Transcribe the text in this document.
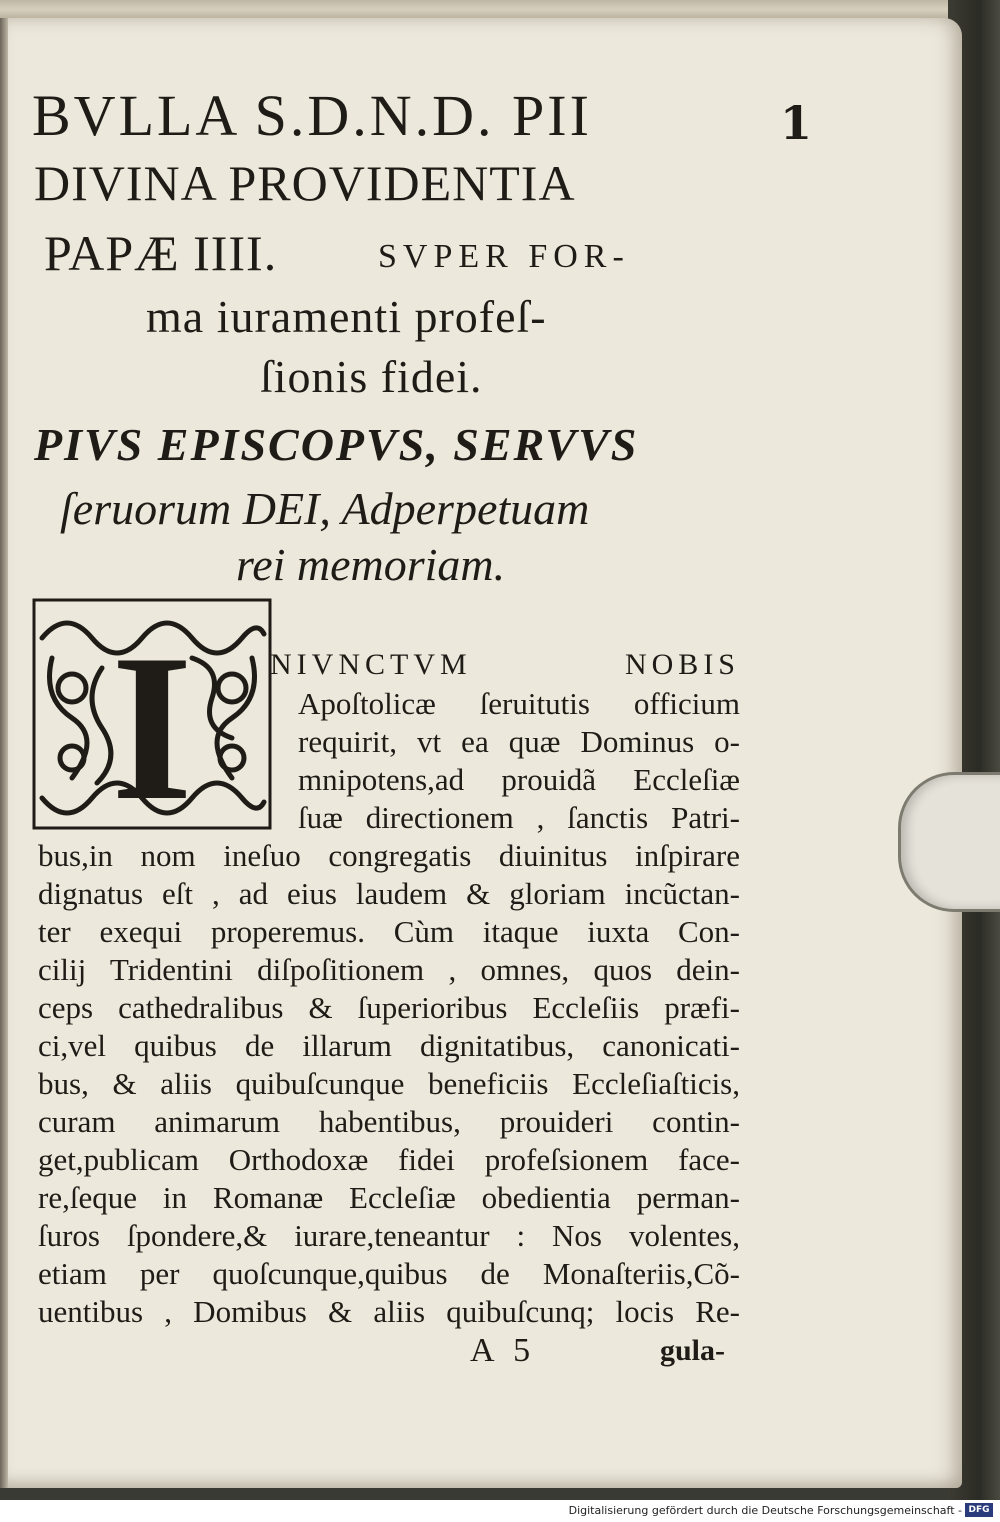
1
BVLLA S.D.N.D. PII
DIVINA PROVIDENTIA
PAPÆ IIII.	SVPER FOR-
ma iuramenti profeſ-
ſionis fidei.
PIVS EPISCOPVS, SERVVS
ſeruorum DEI, Adperpetuam
rei memoriam.
I	NIVNCTVM NOBIS
Apoſtolicæ ſeruitutis officium
requirit, vt ea quæ Dominus o-
mnipotens,ad prouidã Eccleſiæ
ſuæ directionem , ſanctis Patri-
bus,in nom ineſuo congregatis diuinitus inſpirare
dignatus eſt , ad eius laudem & gloriam incũctan-
ter exequi properemus. Cùm itaque iuxta Con-
cilij Tridentini diſpoſitionem , omnes, quos dein-
ceps cathedralibus & ſuperioribus Eccleſiis præfi-
ci,vel quibus de illarum dignitatibus, canonicati-
bus, & aliis quibuſcunque beneficiis Eccleſiaſticis,
curam animarum habentibus, prouideri contin-
get,publicam Orthodoxæ fidei profeſsionem face-
re,ſeque in Romanæ Eccleſiæ obedientia perman-
ſuros ſpondere,& iurare,teneantur : Nos volentes,
etiam per quoſcunque,quibus de Monaſteriis,Cõ-
uentibus , Domibus & aliis quibuſcunq; locis Re-
A 5	gula-
Digitalisierung gefördert durch die Deutsche Forschungsgemeinschaft - DFG
